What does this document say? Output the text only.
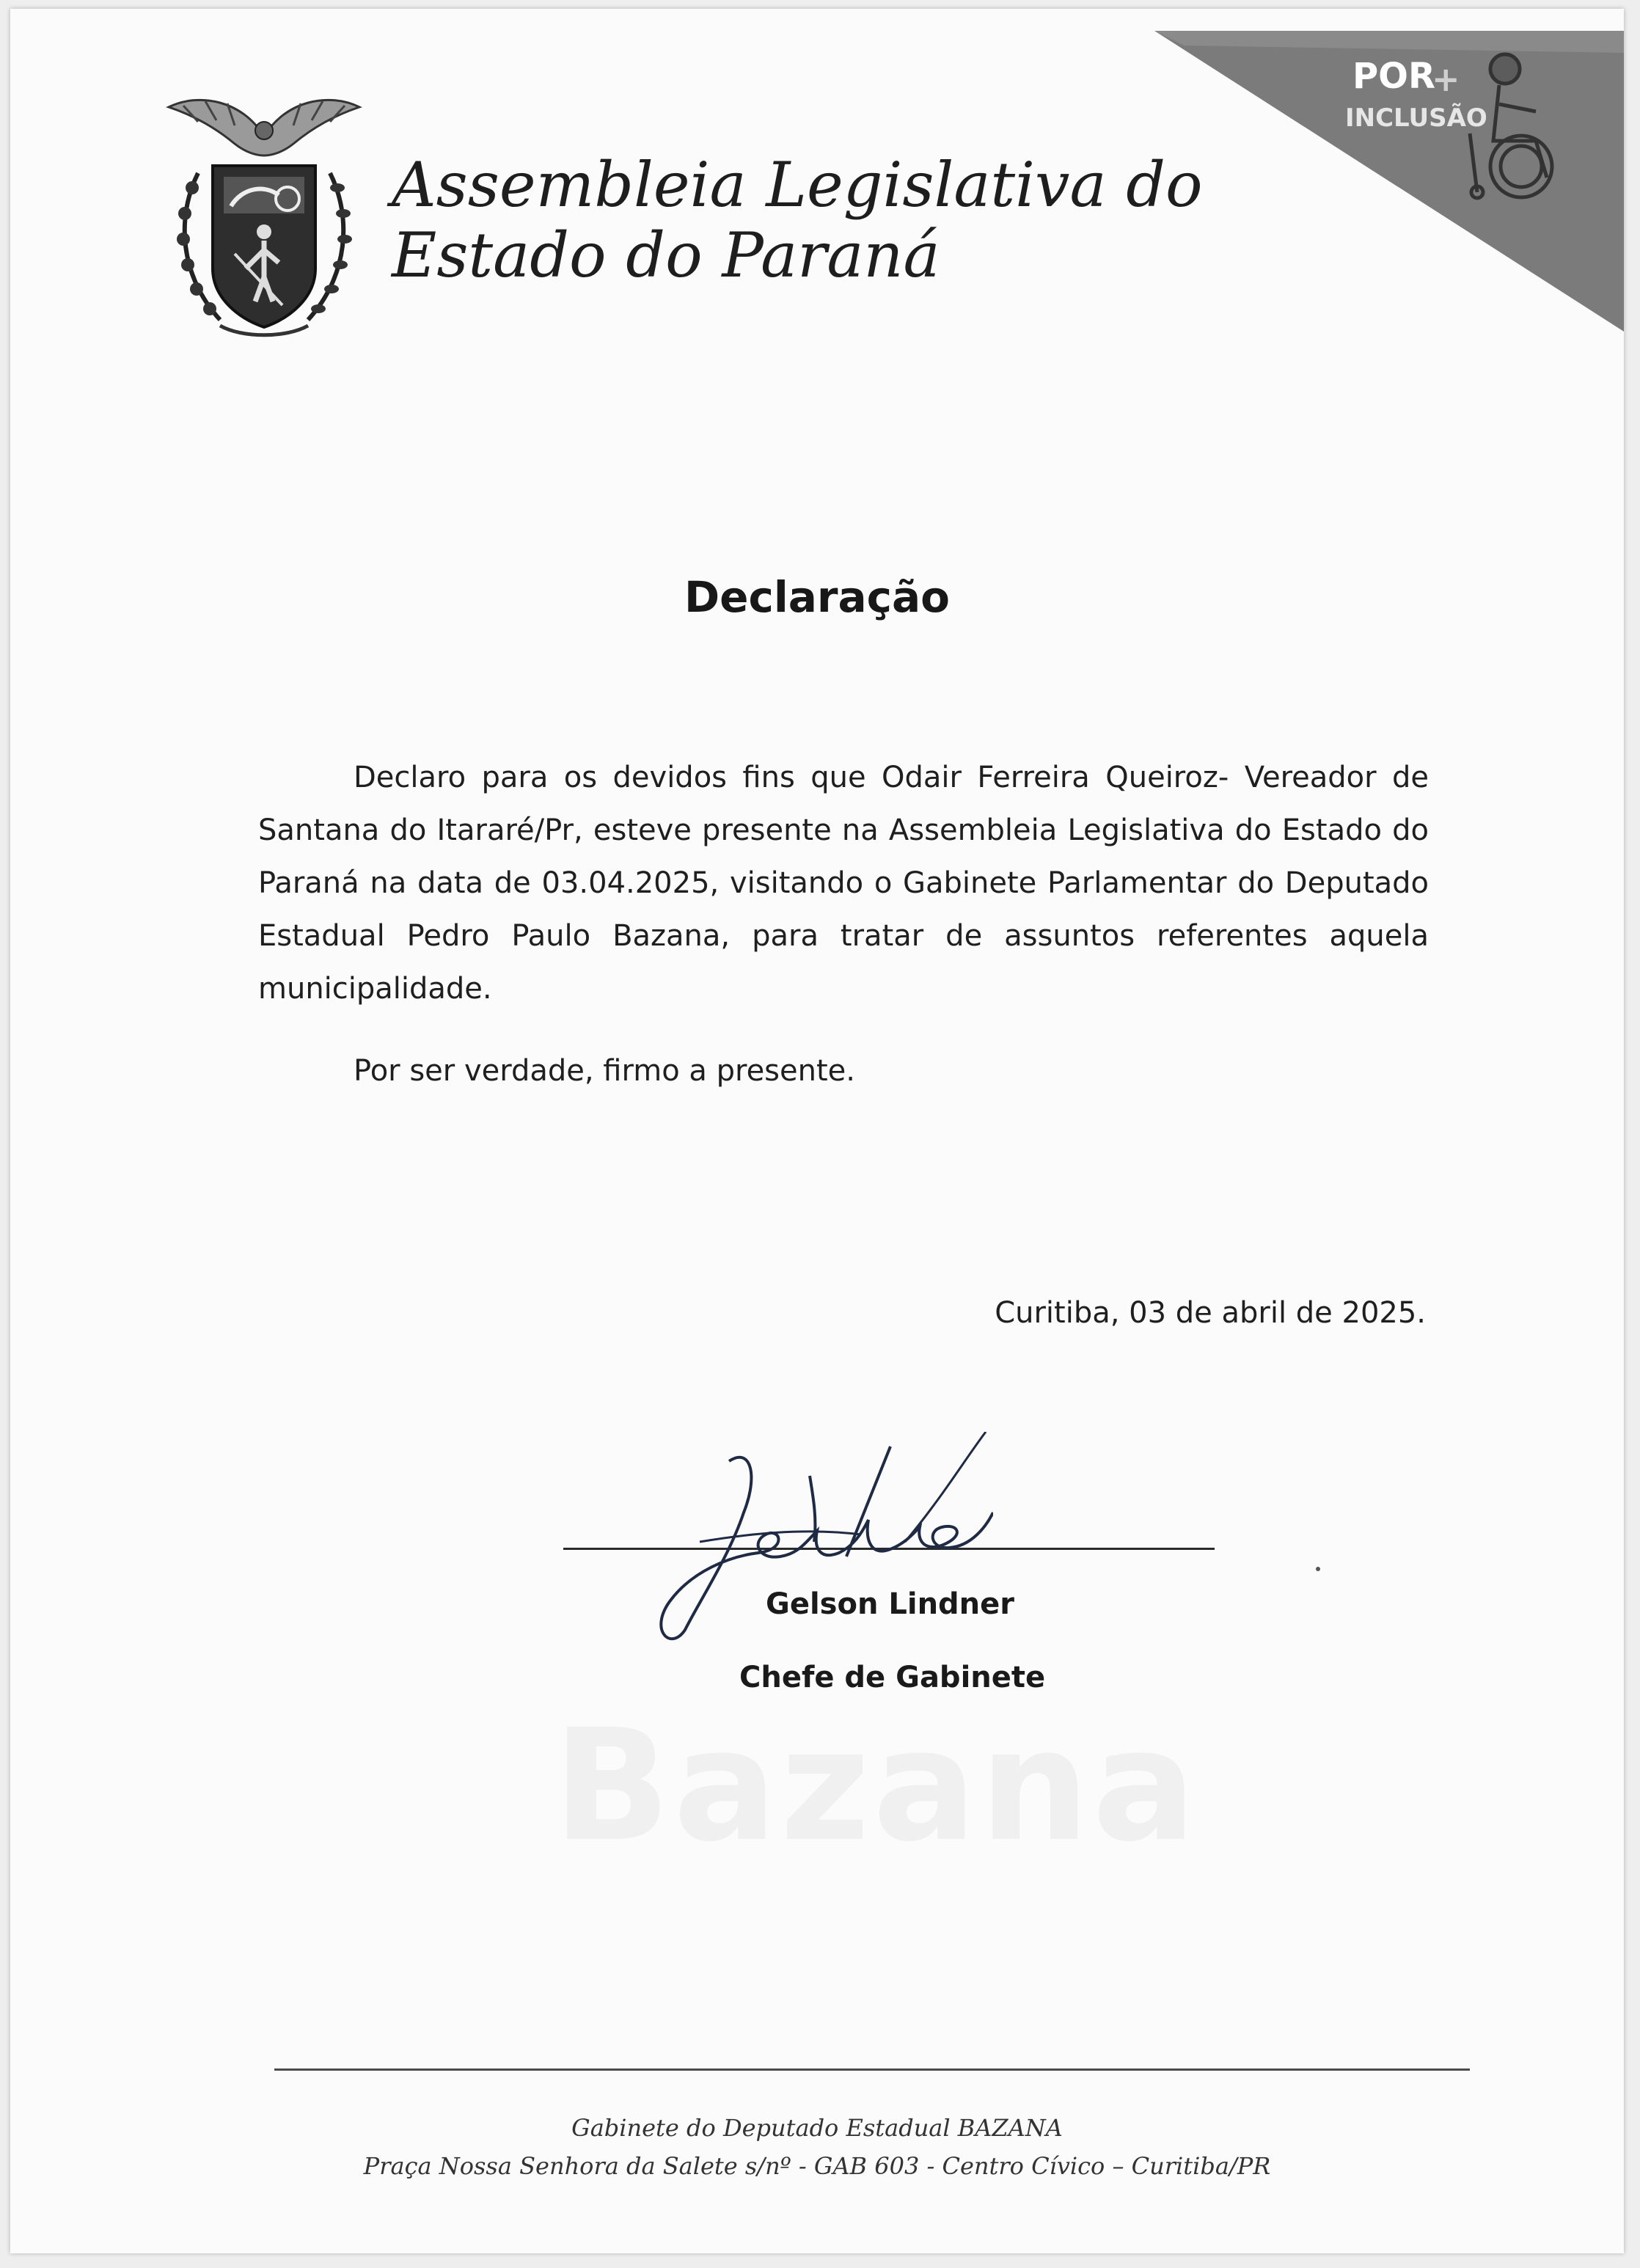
Assembleia Legislativa do
Estado do Paraná
POR
+
INCLUSÃO
Declaração

Declaro para os devidos fins que Odair Ferreira Queiroz- Vereador de Santana do Itararé/Pr, esteve presente na Assembleia Legislativa do Estado do Paraná na data de 03.04.2025, visitando o Gabinete Parlamentar do Deputado Estadual Pedro Paulo Bazana, para tratar de assuntos referentes aquela municipalidade.

Por ser verdade, firmo a presente.
Curitiba, 03 de abril de 2025.
Bazana
Gelson Lindner
Chefe de Gabinete
Gabinete do Deputado Estadual BAZANA
Praça Nossa Senhora da Salete s/nº - GAB 603 - Centro Cívico – Curitiba/PR
